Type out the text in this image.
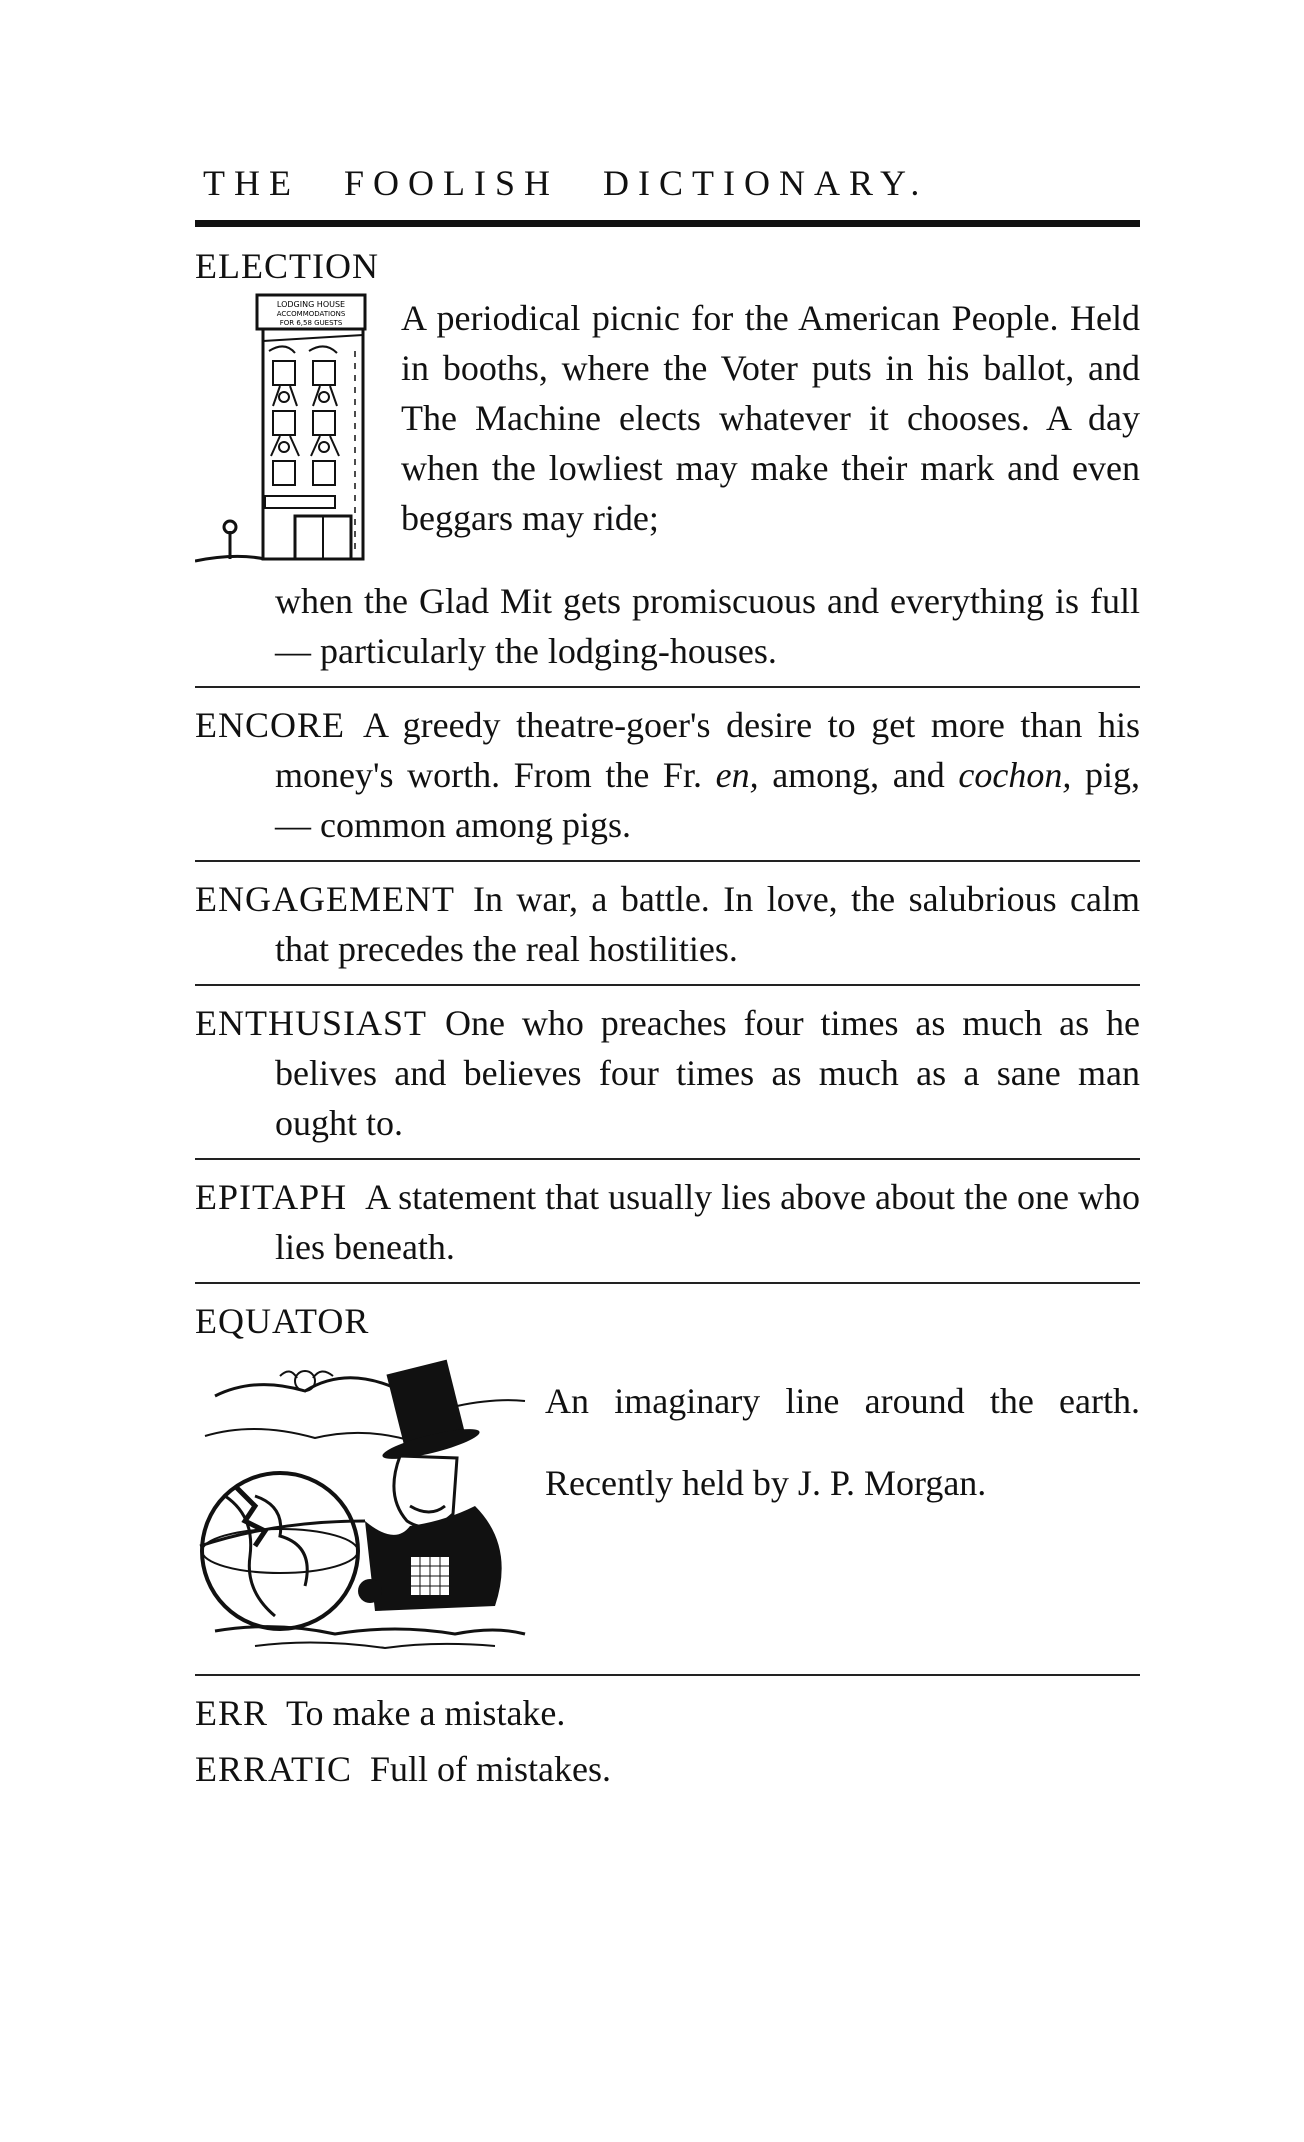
THE FOOLISH DICTIONARY.
ELECTION
LODGING HOUSE
ACCOMMODATIONS
FOR 6,58 GUESTS A periodical picnic for the American People. Held in booths, where the Voter puts in his ballot, and The Machine elects whatever it chooses. A day when the lowliest may make their mark and even beggars may ride;
when the Glad Mit gets promiscuous and everything is full — particularly the lodging-houses.
ENCORE A greedy theatre-goer's desire to get more than his money's worth. From the Fr. en, among, and cochon, pig, — common among pigs.
ENGAGEMENT In war, a battle. In love, the salubrious calm that precedes the real hostilities.
ENTHUSIAST One who preaches four times as much as he belives and believes four times as much as a sane man ought to.
EPITAPH A statement that usually lies above about the one who lies beneath.
EQUATOR
An imaginary line around the earth. Recently held by J. P. Morgan.
ERR To make a mistake.
ERRATIC Full of mistakes.
